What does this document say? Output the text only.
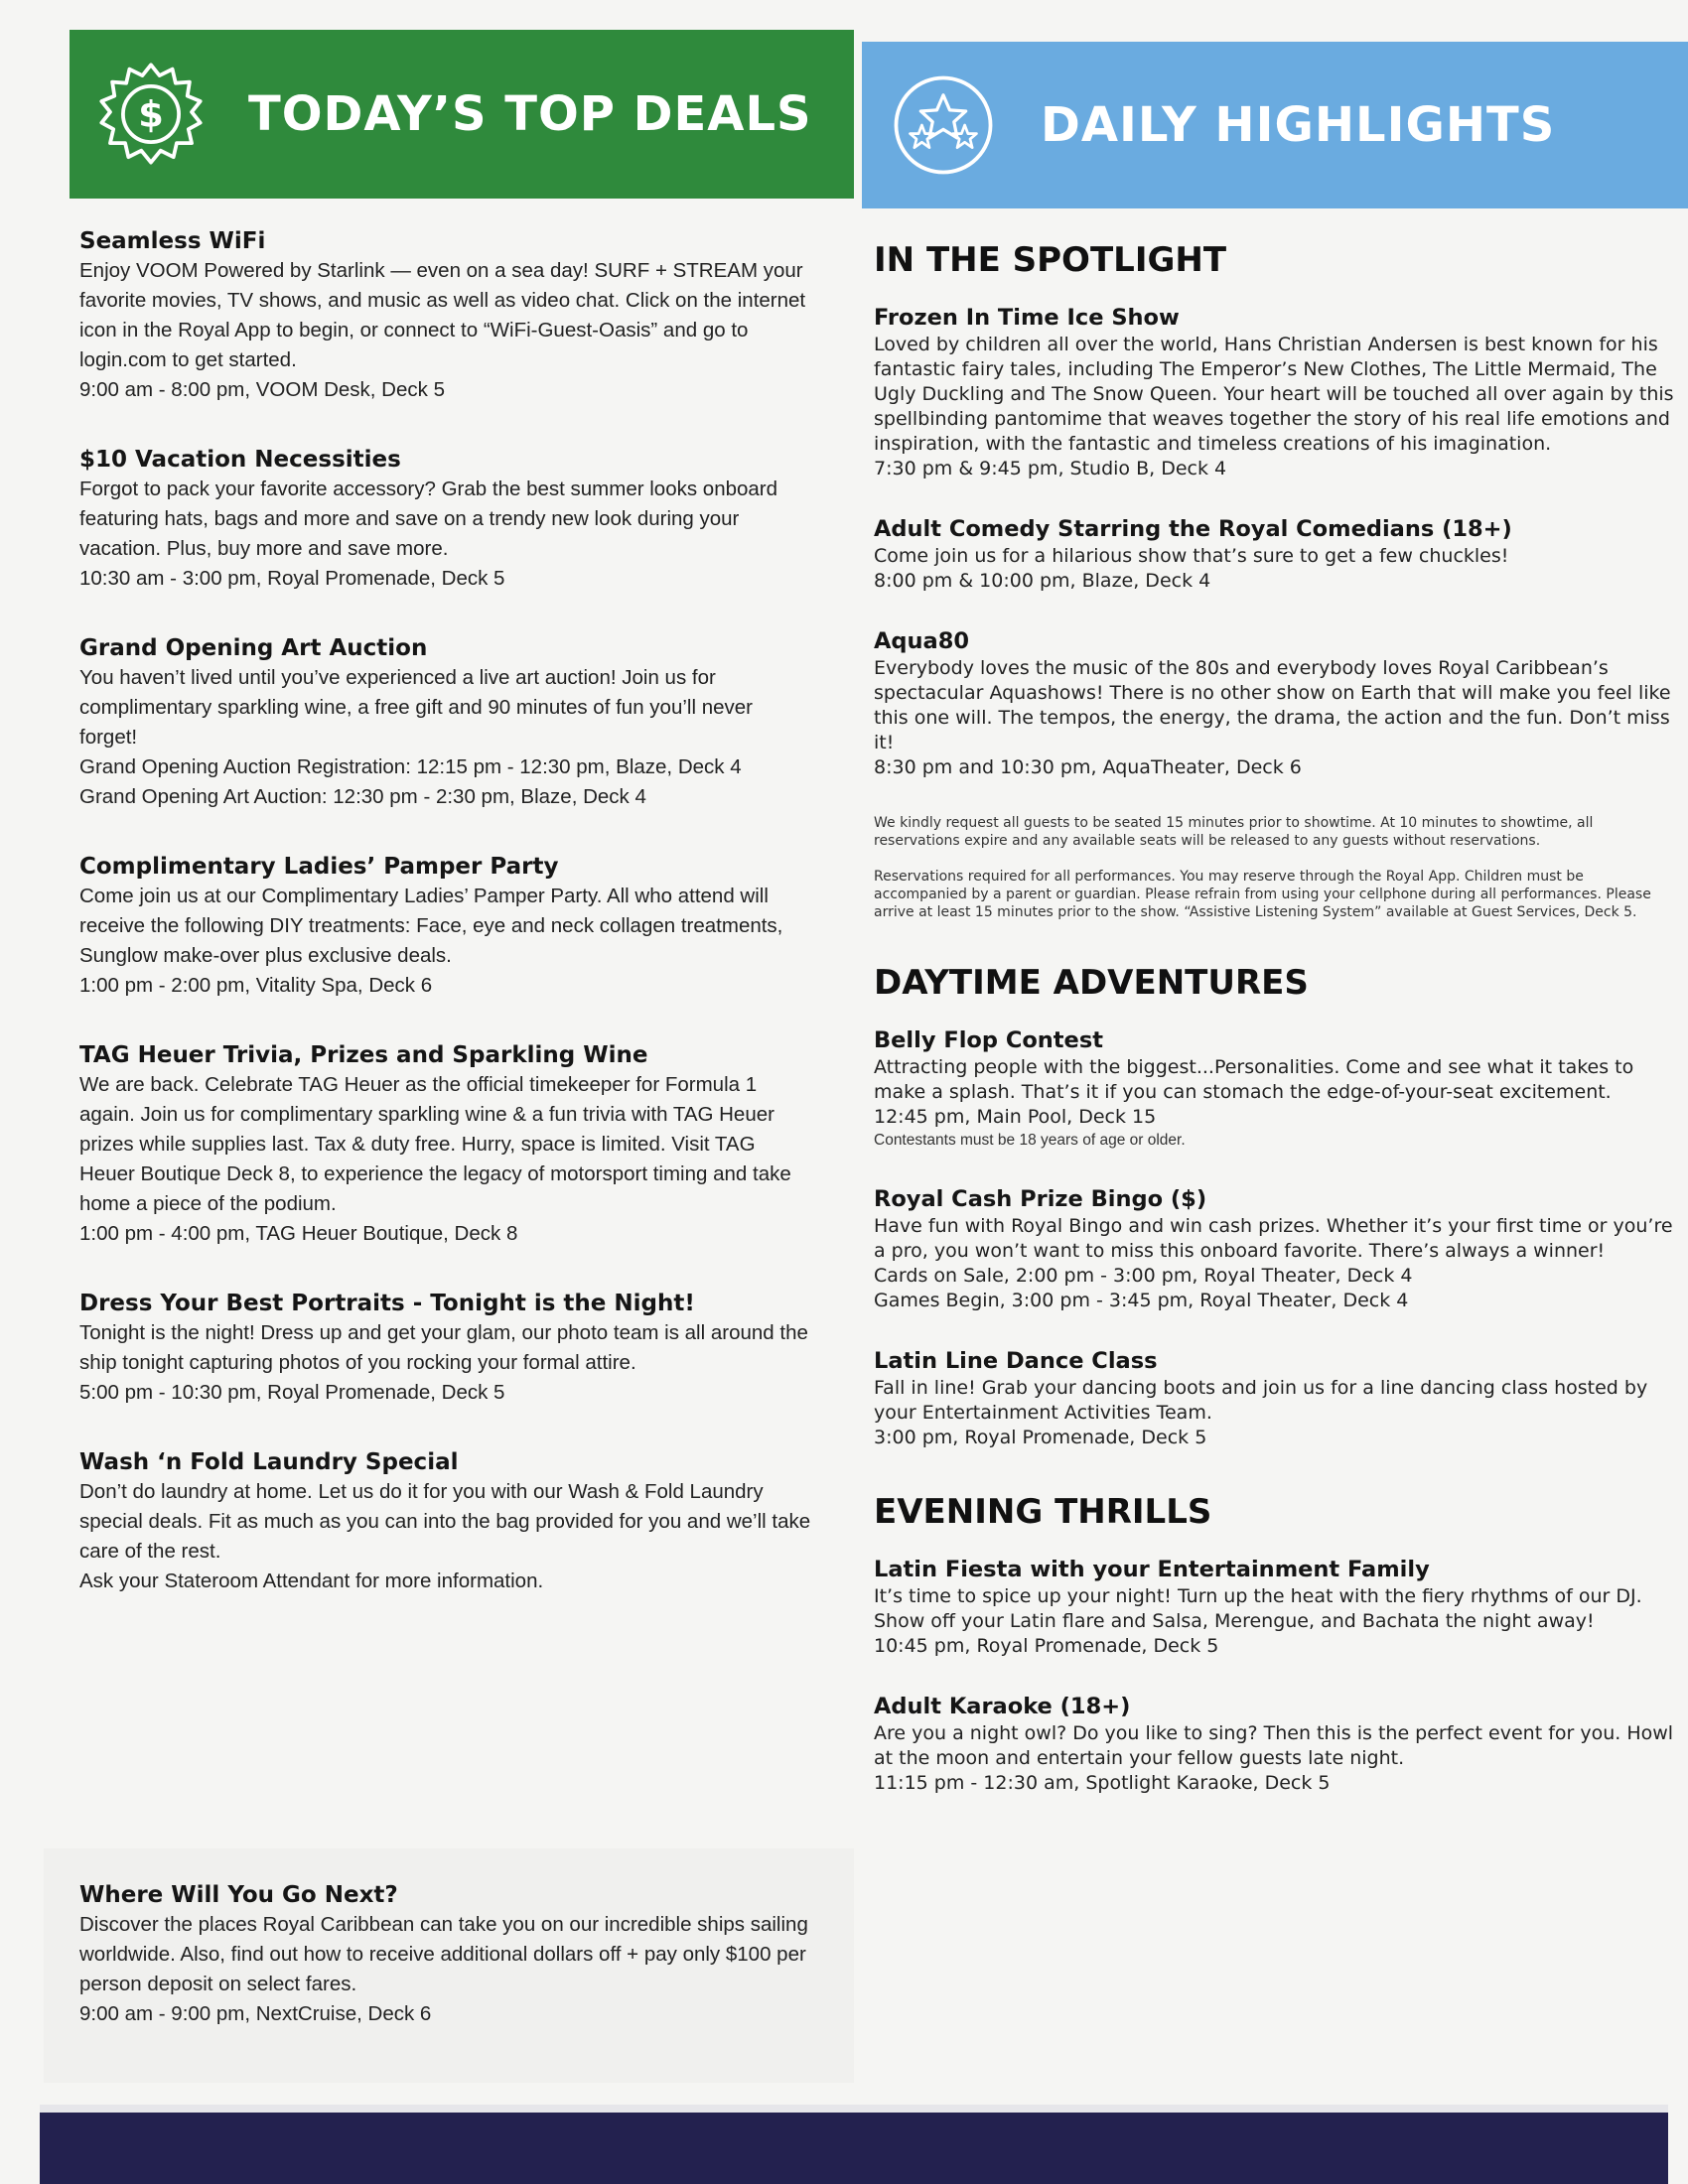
$ TODAY’S TOP DEALS	DAILY HIGHLIGHTS
Seamless WiFi
Enjoy VOOM Powered by Starlink — even on a sea day! SURF + STREAM your favorite movies, TV shows, and music as well as video chat. Click on the internet icon in the Royal App to begin, or connect to “WiFi-Guest-Oasis” and go to login.com to get started.
9:00 am - 8:00 pm, VOOM Desk, Deck 5
$10 Vacation Necessities
Forgot to pack your favorite accessory? Grab the best summer looks onboard featuring hats, bags and more and save on a trendy new look during your vacation. Plus, buy more and save more.
10:30 am - 3:00 pm, Royal Promenade, Deck 5
Grand Opening Art Auction
You haven’t lived until you’ve experienced a live art auction! Join us for complimentary sparkling wine, a free gift and 90 minutes of fun you’ll never forget!
Grand Opening Auction Registration: 12:15 pm - 12:30 pm, Blaze, Deck 4
Grand Opening Art Auction: 12:30 pm - 2:30 pm, Blaze, Deck 4
Complimentary Ladies’ Pamper Party
Come join us at our Complimentary Ladies’ Pamper Party. All who attend will receive the following DIY treatments: Face, eye and neck collagen treatments, Sunglow make-over plus exclusive deals.
1:00 pm - 2:00 pm, Vitality Spa, Deck 6
TAG Heuer Trivia, Prizes and Sparkling Wine
We are back. Celebrate TAG Heuer as the official timekeeper for Formula 1 again. Join us for complimentary sparkling wine & a fun trivia with TAG Heuer prizes while supplies last. Tax & duty free. Hurry, space is limited. Visit TAG Heuer Boutique Deck 8, to experience the legacy of motorsport timing and take home a piece of the podium.
1:00 pm - 4:00 pm, TAG Heuer Boutique, Deck 8
Dress Your Best Portraits - Tonight is the Night!
Tonight is the night! Dress up and get your glam, our photo team is all around the ship tonight capturing photos of you rocking your formal attire.
5:00 pm - 10:30 pm, Royal Promenade, Deck 5
Wash ‘n Fold Laundry Special
Don’t do laundry at home. Let us do it for you with our Wash & Fold Laundry special deals. Fit as much as you can into the bag provided for you and we’ll take care of the rest.
Ask your Stateroom Attendant for more information.
Where Will You Go Next?
Discover the places Royal Caribbean can take you on our incredible ships sailing worldwide. Also, find out how to receive additional dollars off + pay only $100 per person deposit on select fares.
9:00 am - 9:00 pm, NextCruise, Deck 6
IN THE SPOTLIGHT
Frozen In Time Ice Show
Loved by children all over the world, Hans Christian Andersen is best known for his fantastic fairy tales, including The Emperor’s New Clothes, The Little Mermaid, The Ugly Duckling and The Snow Queen. Your heart will be touched all over again by this spellbinding pantomime that weaves together the story of his real life emotions and inspiration, with the fantastic and timeless creations of his imagination.
7:30 pm & 9:45 pm, Studio B, Deck 4
Adult Comedy Starring the Royal Comedians (18+)
Come join us for a hilarious show that’s sure to get a few chuckles!
8:00 pm & 10:00 pm, Blaze, Deck 4
Aqua80
Everybody loves the music of the 80s and everybody loves Royal Caribbean’s spectacular Aquashows! There is no other show on Earth that will make you feel like this one will. The tempos, the energy, the drama, the action and the fun. Don’t miss it!
8:30 pm and 10:30 pm, AquaTheater, Deck 6
We kindly request all guests to be seated 15 minutes prior to showtime. At 10 minutes to showtime, all reservations expire and any available seats will be released to any guests without reservations.
Reservations required for all performances. You may reserve through the Royal App. Children must be accompanied by a parent or guardian. Please refrain from using your cellphone during all performances. Please arrive at least 15 minutes prior to the show. “Assistive Listening System” available at Guest Services, Deck 5.
DAYTIME ADVENTURES
Belly Flop Contest
Attracting people with the biggest...Personalities. Come and see what it takes to make a splash. That’s it if you can stomach the edge-of-your-seat excitement.
12:45 pm, Main Pool, Deck 15
Contestants must be 18 years of age or older.
Royal Cash Prize Bingo ($)
Have fun with Royal Bingo and win cash prizes. Whether it’s your first time or you’re a pro, you won’t want to miss this onboard favorite. There’s always a winner!
Cards on Sale, 2:00 pm - 3:00 pm, Royal Theater, Deck 4
Games Begin, 3:00 pm - 3:45 pm, Royal Theater, Deck 4
Latin Line Dance Class
Fall in line! Grab your dancing boots and join us for a line dancing class hosted by your Entertainment Activities Team.
3:00 pm, Royal Promenade, Deck 5
EVENING THRILLS
Latin Fiesta with your Entertainment Family
It’s time to spice up your night! Turn up the heat with the fiery rhythms of our DJ. Show off your Latin flare and Salsa, Merengue, and Bachata the night away!
10:45 pm, Royal Promenade, Deck 5
Adult Karaoke (18+)
Are you a night owl? Do you like to sing? Then this is the perfect event for you. Howl at the moon and entertain your fellow guests late night.
11:15 pm - 12:30 am, Spotlight Karaoke, Deck 5
